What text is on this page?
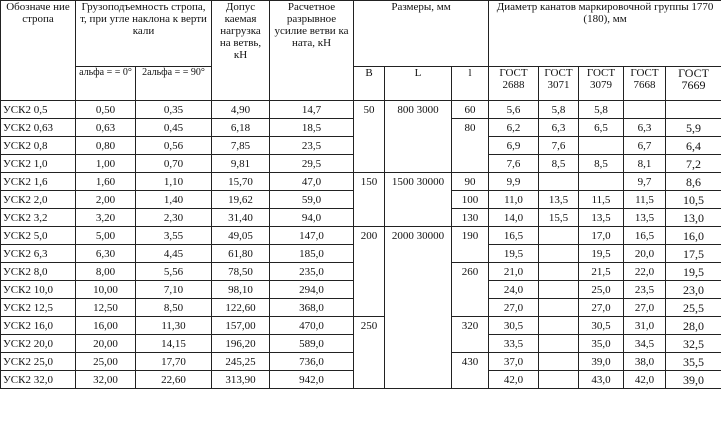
Обозначе ние стропа	Грузоподъемность стропа, т, при угле наклона к верти кали		Допус каемая нагрузка на ветвь, кН	Расчетное разрывное усилие ветви ка ната, кН	Размеры, мм			Диаметр канатов маркировочной группы 1770 (180), мм				
	альфа = = 0°	2альфа = = 90°			B	L	l	ГОСТ 2688	ГОСТ 3071	ГОСТ 3079	ГОСТ 7668	ГОСТ 7669
УСК2 0,5	0,50	0,35	4,90	14,7	50	800 3000	60	5,6	5,8	5,8		
УСК2 0,63	0,63	0,45	6,18	18,5			80	6,2	6,3	6,5	6,3	5,9
УСК2 0,8	0,80	0,56	7,85	23,5				6,9	7,6		6,7	6,4
УСК2 1,0	1,00	0,70	9,81	29,5				7,6	8,5	8,5	8,1	7,2
УСК2 1,6	1,60	1,10	15,70	47,0	150	1500 30000	90	9,9			9,7	8,6
УСК2 2,0	2,00	1,40	19,62	59,0			100	11,0	13,5	11,5	11,5	10,5
УСК2 3,2	3,20	2,30	31,40	94,0			130	14,0	15,5	13,5	13,5	13,0
УСК2 5,0	5,00	3,55	49,05	147,0	200	2000 30000	190	16,5		17,0	16,5	16,0
УСК2 6,3	6,30	4,45	61,80	185,0				19,5		19,5	20,0	17,5
УСК2 8,0	8,00	5,56	78,50	235,0			260	21,0		21,5	22,0	19,5
УСК2 10,0	10,00	7,10	98,10	294,0				24,0		25,0	23,5	23,0
УСК2 12,5	12,50	8,50	122,60	368,0				27,0		27,0	27,0	25,5
УСК2 16,0	16,00	11,30	157,00	470,0	250		320	30,5		30,5	31,0	28,0
УСК2 20,0	20,00	14,15	196,20	589,0				33,5		35,0	34,5	32,5
УСК2 25,0	25,00	17,70	245,25	736,0			430	37,0		39,0	38,0	35,5
УСК2 32,0	32,00	22,60	313,90	942,0				42,0		43,0	42,0	39,0
